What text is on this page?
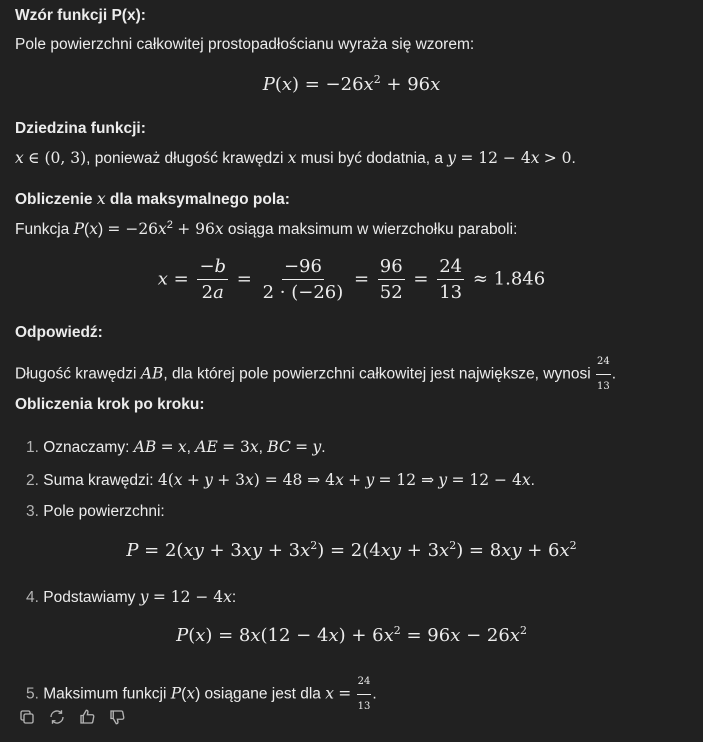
Wzór funkcji P(x):
Pole powierzchni całkowitej prostopadłościanu wyraża się wzorem:
$P(x) = -26x^2 + 96x$
Dziedzina funkcji:
x ∈ (0, 3), ponieważ długość krawędzi x musi być dodatnia, a y = 12 − 4x > 0.
Obliczenie x dla maksymalnego pola:
Funkcja $P(x) = -26x^2 + 96x$ osiąga maksimum w wierzchołku paraboli:
$x = \frac{-b}{2a} = \frac{-96}{2 \cdot (-26)} = \frac{96}{52} = \frac{24}{13} \approx 1.846$
Odpowiedź:
Długość krawędzi AB, dla której pole powierzchni całkowitej jest największe, wynosi $\frac{24}{13}$ .
Obliczenia krok po kroku:
1. Oznaczamy: AB = x, AE = 3x, BC = y.
2. Suma krawędzi: 4(x + y + 3x) = 48 ⇒ 4x + y = 12 ⇒ y = 12 − 4x.
3. Pole powierzchni:
$P = 2(xy + 3xy + 3x^2) = 2(4xy + 3x^2) = 8xy + 6x^2$
4. Podstawiamy y = 12 − 4x:
$P(x) = 8x(12 - 4x) + 6x^2 = 96x - 26x^2$
5. Maksimum funkcji P(x) osiągane jest dla $x = \frac{24}{13}$ .
